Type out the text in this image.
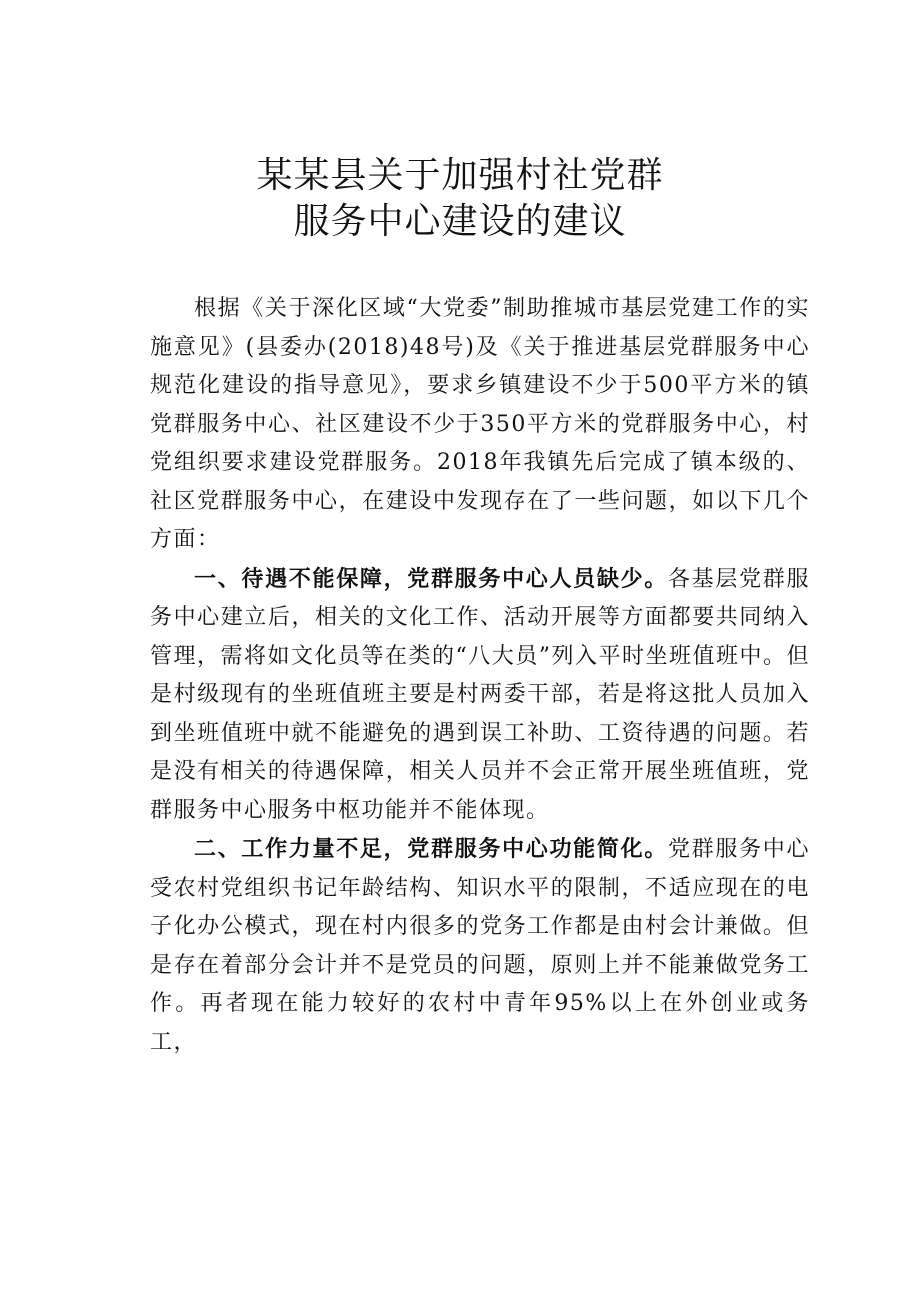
某某县关于加强村社党群
服务中心建设的建议

根据《关于深化区域“大党委”制助推城市基层党建工作的实施意见》(县委办(2018)48号)及《关于推进基层党群服务中心规范化建设的指导意见》，要求乡镇建设不少于500平方米的镇党群服务中心、社区建设不少于350平方米的党群服务中心，村党组织要求建设党群服务。2018年我镇先后完成了镇本级的、社区党群服务中心，在建设中发现存在了一些问题，如以下几个方面：

一、待遇不能保障，党群服务中心人员缺少。各基层党群服务中心建立后，相关的文化工作、活动开展等方面都要共同纳入管理，需将如文化员等在类的“八大员”列入平时坐班值班中。但是村级现有的坐班值班主要是村两委干部，若是将这批人员加入到坐班值班中就不能避免的遇到误工补助、工资待遇的问题。若是没有相关的待遇保障，相关人员并不会正常开展坐班值班，党群服务中心服务中枢功能并不能体现。

二、工作力量不足，党群服务中心功能简化。党群服务中心受农村党组织书记年龄结构、知识水平的限制，不适应现在的电子化办公模式，现在村内很多的党务工作都是由村会计兼做。但是存在着部分会计并不是党员的问题，原则上并不能兼做党务工作。再者现在能力较好的农村中青年95%以上在外创业或务工，
